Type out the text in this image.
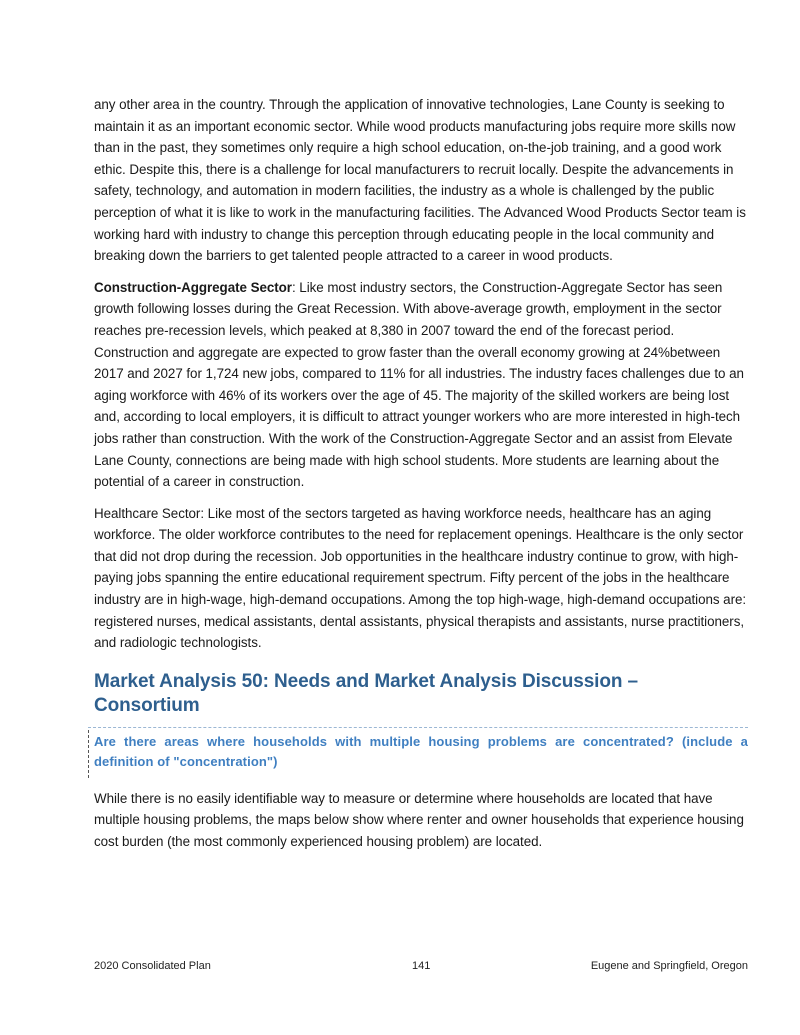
any other area in the country. Through the application of innovative technologies, Lane County is seeking to maintain it as an important economic sector. While wood products manufacturing jobs require more skills now than in the past, they sometimes only require a high school education, on-the-job training, and a good work ethic. Despite this, there is a challenge for local manufacturers to recruit locally. Despite the advancements in safety, technology, and automation in modern facilities, the industry as a whole is challenged by the public perception of what it is like to work in the manufacturing facilities. The Advanced Wood Products Sector team is working hard with industry to change this perception through educating people in the local community and breaking down the barriers to get talented people attracted to a career in wood products.

Construction-Aggregate Sector: Like most industry sectors, the Construction-Aggregate Sector has seen growth following losses during the Great Recession. With above-average growth, employment in the sector reaches pre-recession levels, which peaked at 8,380 in 2007 toward the end of the forecast period. Construction and aggregate are expected to grow faster than the overall economy growing at 24%between 2017 and 2027 for 1,724 new jobs, compared to 11% for all industries. The industry faces challenges due to an aging workforce with 46% of its workers over the age of 45. The majority of the skilled workers are being lost and, according to local employers, it is difficult to attract younger workers who are more interested in high-tech jobs rather than construction. With the work of the Construction-Aggregate Sector and an assist from Elevate Lane County, connections are being made with high school students. More students are learning about the potential of a career in construction.

Healthcare Sector: Like most of the sectors targeted as having workforce needs, healthcare has an aging workforce. The older workforce contributes to the need for replacement openings. Healthcare is the only sector that did not drop during the recession. Job opportunities in the healthcare industry continue to grow, with high-paying jobs spanning the entire educational requirement spectrum. Fifty percent of the jobs in the healthcare industry are in high-wage, high-demand occupations. Among the top high-wage, high-demand occupations are: registered nurses, medical assistants, dental assistants, physical therapists and assistants, nurse practitioners, and radiologic technologists.

Market Analysis 50: Needs and Market Analysis Discussion – Consortium

Are there areas where households with multiple housing problems are concentrated? (include a definition of "concentration")

While there is no easily identifiable way to measure or determine where households are located that have multiple housing problems, the maps below show where renter and owner households that experience housing cost burden (the most commonly experienced housing problem) are located.

2020 Consolidated Plan	141	Eugene and Springfield, Oregon
